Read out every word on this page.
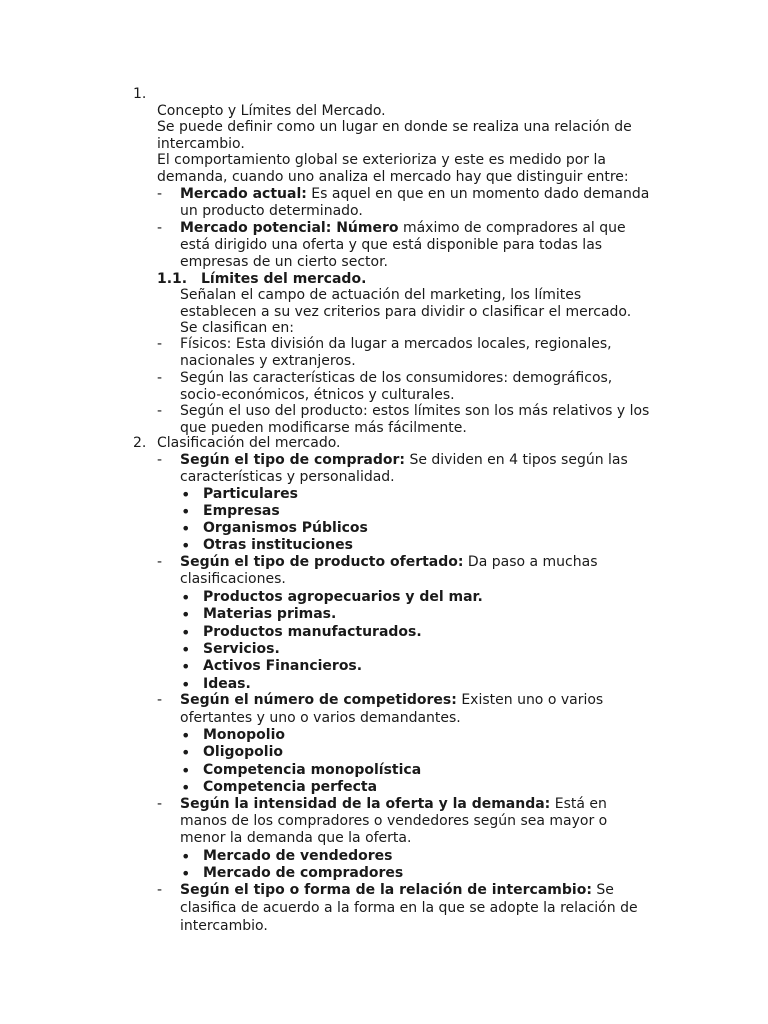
1.
Concepto y Límites del Mercado.
Se puede definir como un lugar en donde se realiza una relación de
intercambio.
El comportamiento global se exterioriza y este es medido por la
demanda, cuando uno analiza el mercado hay que distinguir entre:
-
Mercado actual: Es aquel en que en un momento dado demanda
un producto determinado.
-
Mercado potencial: Número máximo de compradores al que
está dirigido una oferta y que está disponible para todas las
empresas de un cierto sector.
1.1. Límites del mercado.
Señalan el campo de actuación del marketing, los límites
establecen a su vez criterios para dividir o clasificar el mercado.
Se clasifican en:
-
Físicos: Esta división da lugar a mercados locales, regionales,
nacionales y extranjeros.
-
Según las características de los consumidores: demográficos,
socio-económicos, étnicos y culturales.
-
Según el uso del producto: estos límites son los más relativos y los
que pueden modificarse más fácilmente.
2. Clasificación del mercado.
-
Según el tipo de comprador: Se dividen en 4 tipos según las
características y personalidad.
• Particulares
• Empresas
• Organismos Públicos
• Otras instituciones
-
Según el tipo de producto ofertado: Da paso a muchas
clasificaciones.
• Productos agropecuarios y del mar.
• Materias primas.
• Productos manufacturados.
• Servicios.
• Activos Financieros.
• Ideas.
-
Según el número de competidores: Existen uno o varios
ofertantes y uno o varios demandantes.
• Monopolio
• Oligopolio
• Competencia monopolística
• Competencia perfecta
-
Según la intensidad de la oferta y la demanda: Está en
manos de los compradores o vendedores según sea mayor o
menor la demanda que la oferta.
• Mercado de vendedores
• Mercado de compradores
-
Según el tipo o forma de la relación de intercambio: Se
clasifica de acuerdo a la forma en la que se adopte la relación de
intercambio.
